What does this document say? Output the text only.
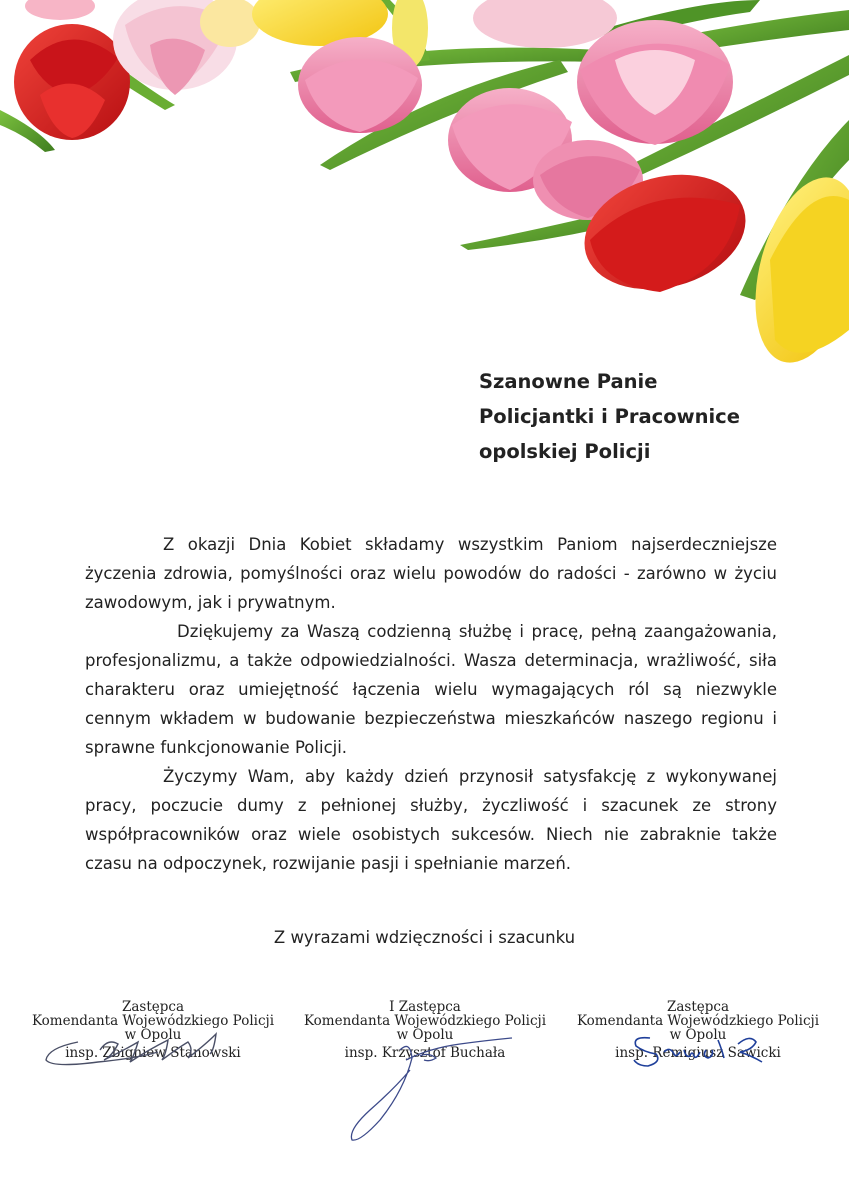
Szanowne Panie
Policjantki i Pracownice
opolskiej Policji

Z okazji Dnia Kobiet składamy wszystkim Paniom najserdeczniejsze życzenia zdrowia, pomyślności oraz wielu powodów do radości - zarówno w życiu zawodowym, jak i prywatnym.

Dziękujemy za Waszą codzienną służbę i pracę, pełną zaangażowania, profesjonalizmu, a także odpowiedzialności. Wasza determinacja, wrażliwość, siła charakteru oraz umiejętność łączenia wielu wymagających ról są niezwykle cennym wkładem w budowanie bezpieczeństwa mieszkańców naszego regionu i sprawne funkcjonowanie Policji.

Życzymy Wam, aby każdy dzień przynosił satysfakcję z wykonywanej pracy, poczucie dumy z pełnionej służby, życzliwość i szacunek ze strony współpracowników oraz wiele osobistych sukcesów. Niech nie zabraknie także czasu na odpoczynek, rozwijanie pasji i spełnianie marzeń.

Z wyrazami wdzięczności i szacunku
Zastępca
Komendanta Wojewódzkiego Policji
w Opolu
insp. Zbigniew Stanowski
I Zastępca
Komendanta Wojewódzkiego Policji
w Opolu
insp. Krzysztof Buchała
Zastępca
Komendanta Wojewódzkiego Policji
w Opolu
insp. Remigiusz Sawicki
